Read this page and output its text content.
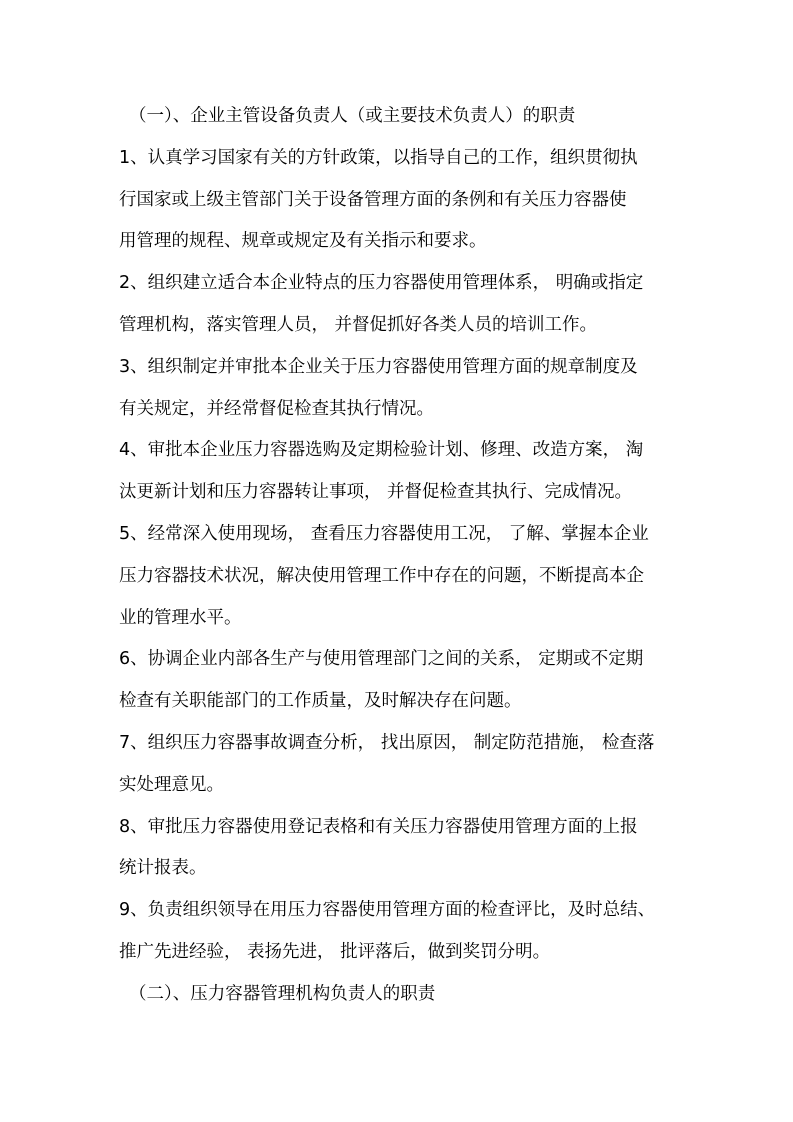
（一）、企业主管设备负责人（或主要技术负责人）的职责
1、认真学习国家有关的方针政策，以指导自己的工作，组织贯彻执
行国家或上级主管部门关于设备管理方面的条例和有关压力容器使
用管理的规程、规章或规定及有关指示和要求。
2、组织建立适合本企业特点的压力容器使用管理体系， 明确或指定
管理机构，落实管理人员， 并督促抓好各类人员的培训工作。
3、组织制定并审批本企业关于压力容器使用管理方面的规章制度及
有关规定，并经常督促检查其执行情况。
4、审批本企业压力容器选购及定期检验计划、修理、改造方案， 淘
汰更新计划和压力容器转让事项， 并督促检查其执行、完成情况。
5、经常深入使用现场， 查看压力容器使用工况， 了解、掌握本企业
压力容器技术状况，解决使用管理工作中存在的问题，不断提高本企
业的管理水平。
6、协调企业内部各生产与使用管理部门之间的关系， 定期或不定期
检查有关职能部门的工作质量，及时解决存在问题。
7、组织压力容器事故调查分析， 找出原因， 制定防范措施， 检查落
实处理意见。
8、审批压力容器使用登记表格和有关压力容器使用管理方面的上报
统计报表。
9、负责组织领导在用压力容器使用管理方面的检查评比，及时总结、
推广先进经验， 表扬先进， 批评落后，做到奖罚分明。
（二）、压力容器管理机构负责人的职责
